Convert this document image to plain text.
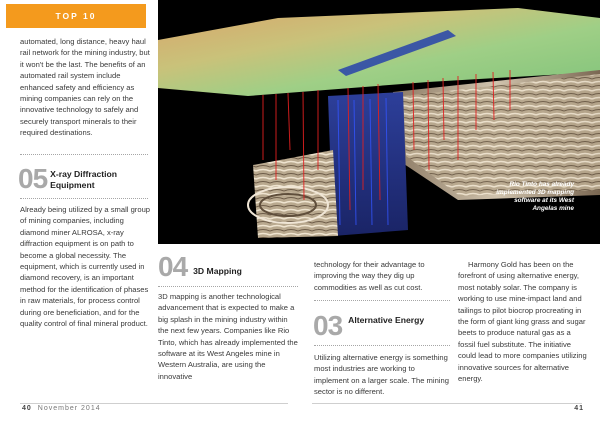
TOP 10

automated, long distance, heavy haul rail network for the mining industry, but it won't be the last. The benefits of an automated rail system include enhanced safety and efficiency as mining companies can rely on the innovative technology to safely and securely transport minerals to their required destinations.

05 X-ray Diffraction Equipment

Already being utilized by a small group of mining companies, including diamond miner ALROSA, x-ray diffraction equipment is on path to become a global necessity. The equipment, which is currently used in diamond recovery, is an important method for the identification of phases in raw materials, for process control during ore beneficiation, and for the quality control of final mineral product.

Rio Tinto has already implemented 3D mapping software at its West Angelas mine
04 3D Mapping

3D mapping is another technological advancement that is expected to make a big splash in the mining industry within the next few years. Companies like Rio Tinto, which has already implemented the software at its West Angeles mine in Western Australia, are using the innovative

technology for their advantage to improving the way they dig up commodities as well as cut cost.

03 Alternative Energy

Utilizing alternative energy is something most industries are working to implement on a larger scale. The mining sector is no different.

Harmony Gold has been on the forefront of using alternative energy, most notably solar. The company is working to use mine-impact land and tailings to pilot biocrop procreating in the form of giant king grass and sugar beets to produce natural gas as a fossil fuel substitute. The initiative could lead to more companies utilizing innovative sources for alternative energy.

40 November 2014	41
